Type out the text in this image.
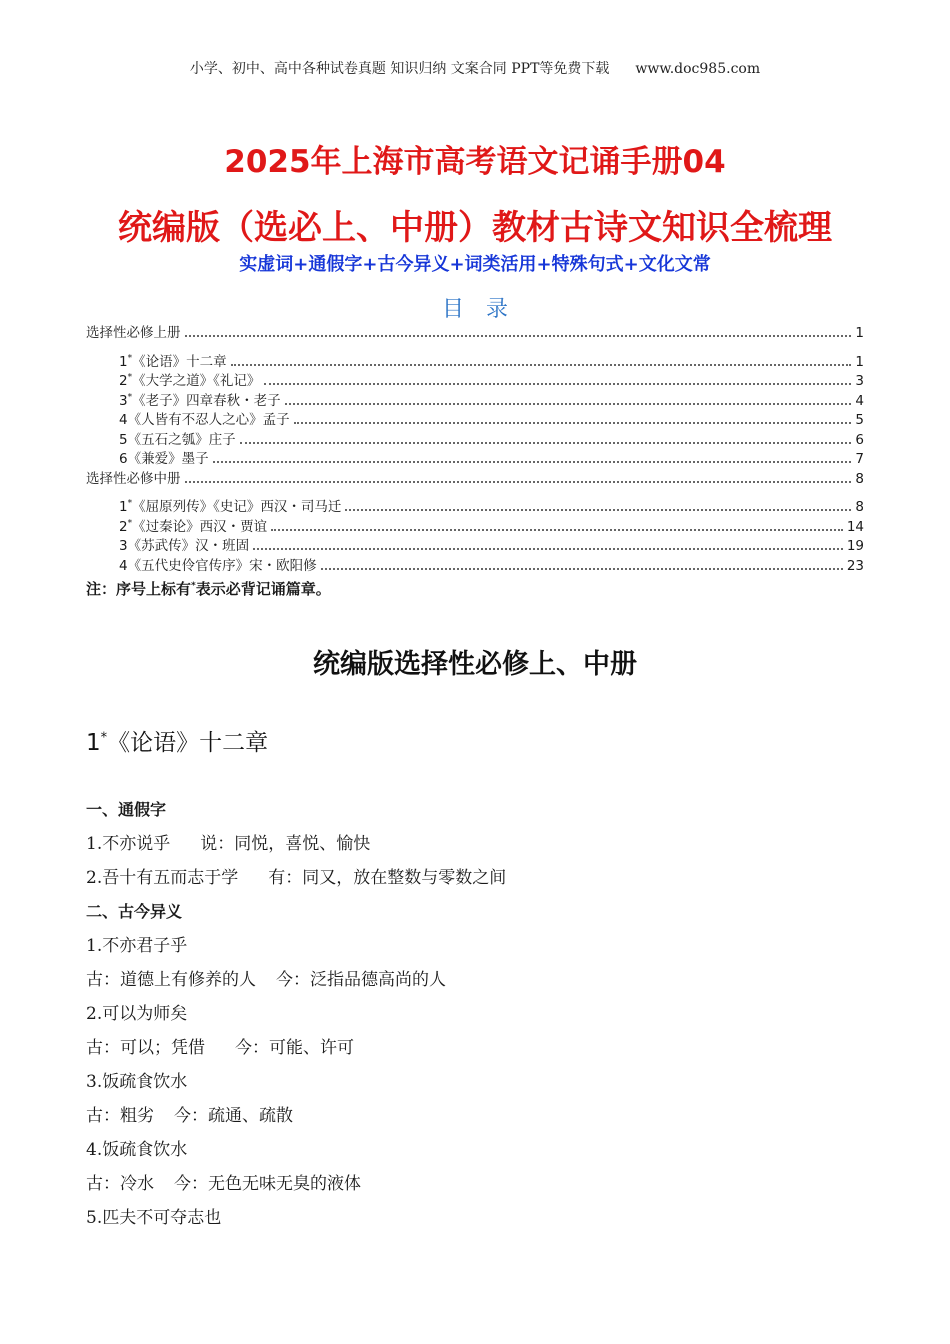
小学、初中、高中各种试卷真题 知识归纳 文案合同 PPT等免费下载 www.doc985.com
2025年上海市高考语文记诵手册04
统编版（选必上、中册）教材古诗文知识全梳理
实虚词+通假字+古今异义+词类活用+特殊句式+文化文常
目录
选择性必修上册	1
1*《论语》十二章	1
2*《大学之道》《礼记》	3
3*《老子》四章春秋・老子	4
4《人皆有不忍人之心》孟子	5
5《五石之瓠》庄子	6
6《兼爱》墨子	7
选择性必修中册	8
1*《屈原列传》《史记》西汉・司马迁	8
2*《过秦论》西汉・贾谊	14
3《苏武传》汉・班固	19
4《五代史伶官传序》宋・欧阳修	23
注：序号上标有*表示必背记诵篇章。
统编版选择性必修上、中册
1*《论语》十二章
一、通假字
1.不亦说乎 说：同悦，喜悦、愉快
2.吾十有五而志于学 有：同又，放在整数与零数之间
二、古今异义
1.不亦君子乎
古：道德上有修养的人 今：泛指品德高尚的人
2.可以为师矣
古：可以；凭借 今：可能、许可
3.饭疏食饮水
古：粗劣 今：疏通、疏散
4.饭疏食饮水
古：冷水 今：无色无味无臭的液体
5.匹夫不可夺志也
